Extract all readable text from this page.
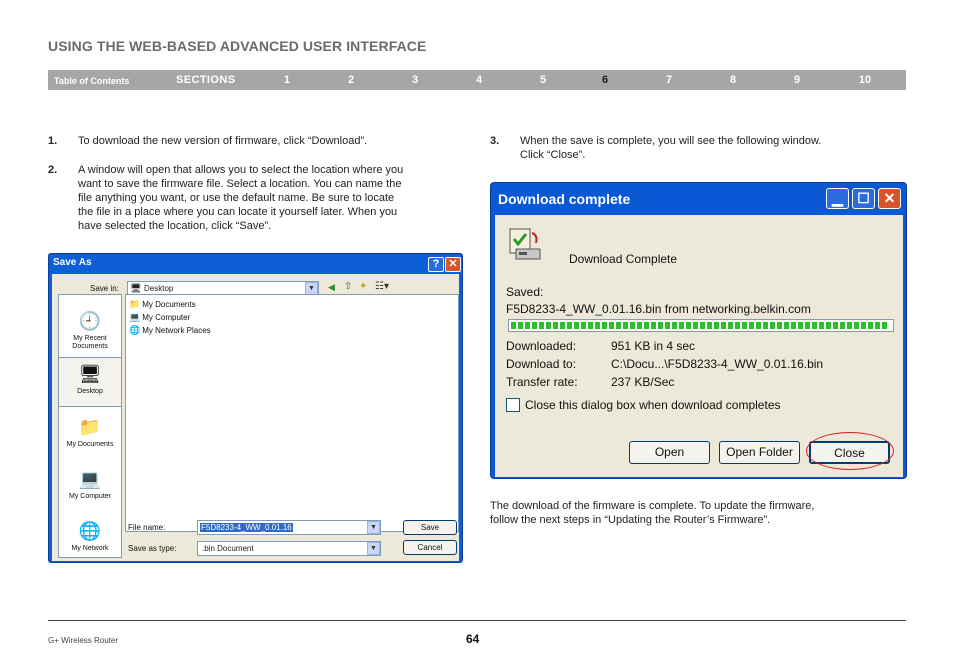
USING THE WEB-BASED ADVANCED USER INTERFACE
Table of Contents	SECTIONS	1	2	3	4	5	6	7	8	9	10
1. To download the new version of firmware, click “Download”.
2. A window will open that allows you to select the location where you
want to save the firmware file. Select a location. You can name the
file anything you want, or use the default name. Be sure to locate
the file in a place where you can locate it yourself later. When you
have selected the location, click “Save”.
3. When the save is complete, you will see the following window.
Click “Close”.
Save As	? ✕
Save in: 🖥 Desktop	▼	◀ ⇧ ✦ ☷▾
🕘
My Recent Documents
🖥
Desktop
📁
My Documents
💻
My Computer
🌐
My Network
📁 My Documents
💻 My Computer
🌐 My Network Places
File name:	F5D8233-4_WW_0.01.16	▼
Save as type:	.bin Document	▼
Save
Cancel
Download complete	▁	☐ ✕
Download Complete
Saved:
F5D8233-4_WW_0.01.16.bin from networking.belkin.com
Downloaded:	951 KB in 4 sec
Download to:	C:\Docu...\F5D8233-4_WW_0.01.16.bin
Transfer rate:	237 KB/Sec
Close this dialog box when download completes
Open	Open Folder	Close
The download of the firmware is complete. To update the firmware,
follow the next steps in “Updating the Router’s Firmware”.
G+ Wireless Router	64
